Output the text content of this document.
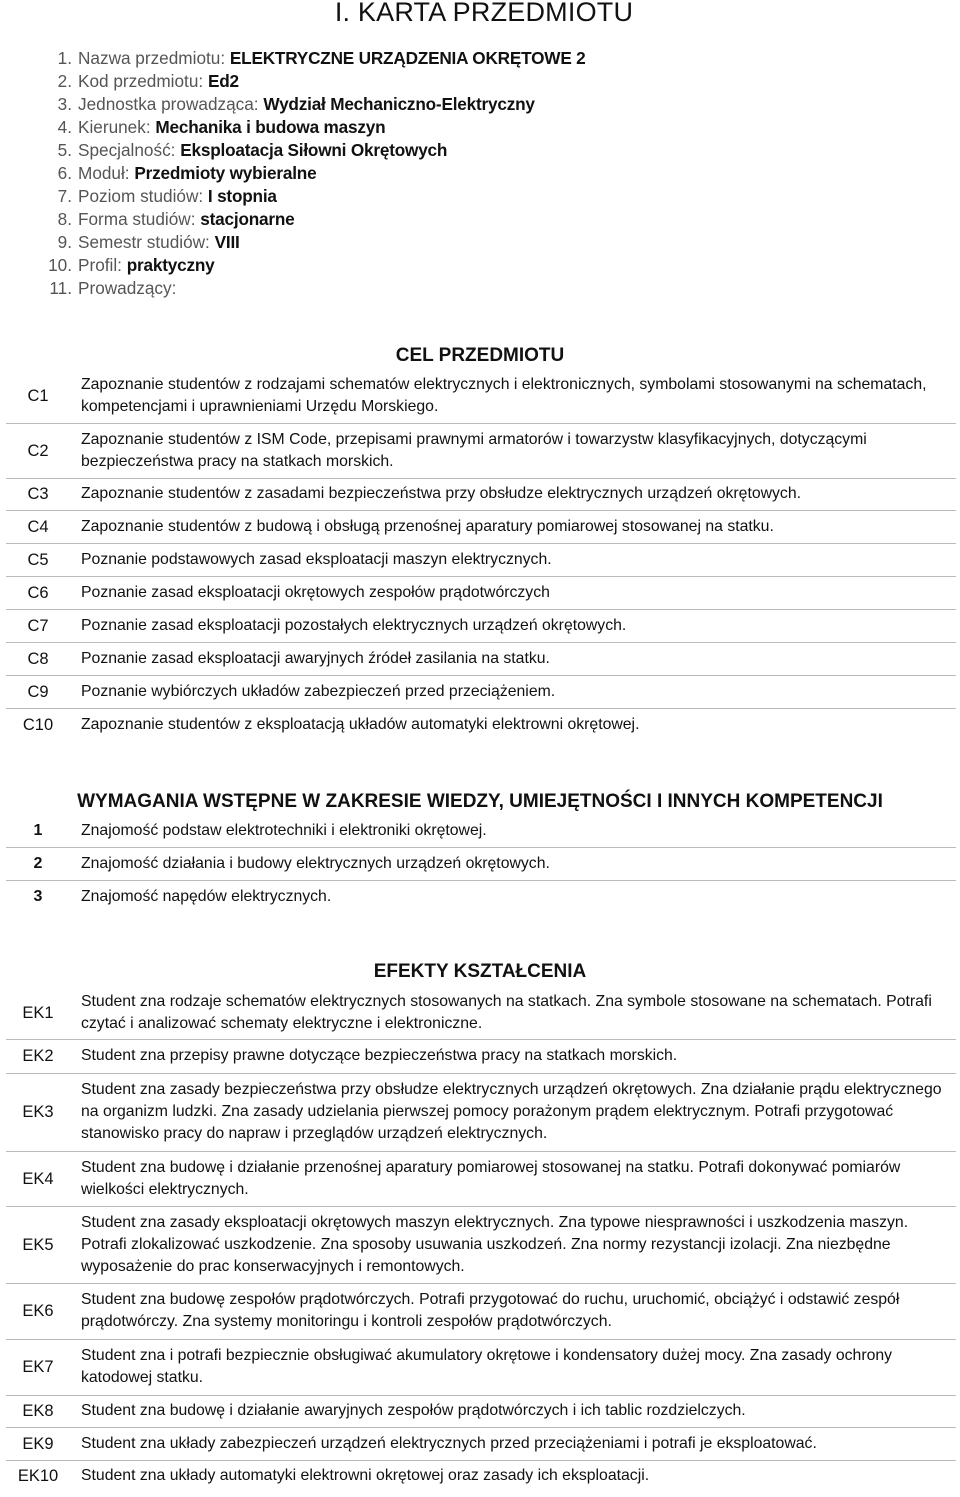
I. KARTA PRZEDMIOTU
1. Nazwa przedmiotu: ELEKTRYCZNE URZĄDZENIA OKRĘTOWE 2
2. Kod przedmiotu: Ed2
3. Jednostka prowadząca: Wydział Mechaniczno-Elektryczny
4. Kierunek: Mechanika i budowa maszyn
5. Specjalność: Eksploatacja Siłowni Okrętowych
6. Moduł: Przedmioty wybieralne
7. Poziom studiów: I stopnia
8. Forma studiów: stacjonarne
9. Semestr studiów: VIII
10. Profil: praktyczny
11. Prowadzący:
CEL PRZEDMIOTU
C1	Zapoznanie studentów z rodzajami schematów elektrycznych i elektronicznych, symbolami stosowanymi na schematach, kompetencjami i uprawnieniami Urzędu Morskiego.
C2	Zapoznanie studentów z ISM Code, przepisami prawnymi armatorów i towarzystw klasyfikacyjnych, dotyczącymi bezpieczeństwa pracy na statkach morskich.
C3	Zapoznanie studentów z zasadami bezpieczeństwa przy obsłudze elektrycznych urządzeń okrętowych.
C4	Zapoznanie studentów z budową i obsługą przenośnej aparatury pomiarowej stosowanej na statku.
C5	Poznanie podstawowych zasad eksploatacji maszyn elektrycznych.
C6	Poznanie zasad eksploatacji okrętowych zespołów prądotwórczych
C7	Poznanie zasad eksploatacji pozostałych elektrycznych urządzeń okrętowych.
C8	Poznanie zasad eksploatacji awaryjnych źródeł zasilania na statku.
C9	Poznanie wybiórczych układów zabezpieczeń przed przeciążeniem.
C10	Zapoznanie studentów z eksploatacją układów automatyki elektrowni okrętowej.
WYMAGANIA WSTĘPNE W ZAKRESIE WIEDZY, UMIEJĘTNOŚCI I INNYCH KOMPETENCJI
1	Znajomość podstaw elektrotechniki i elektroniki okrętowej.
2	Znajomość działania i budowy elektrycznych urządzeń okrętowych.
3	Znajomość napędów elektrycznych.
EFEKTY KSZTAŁCENIA
EK1	Student zna rodzaje schematów elektrycznych stosowanych na statkach. Zna symbole stosowane na schematach. Potrafi czytać i analizować schematy elektryczne i elektroniczne.
EK2	Student zna przepisy prawne dotyczące bezpieczeństwa pracy na statkach morskich.
EK3	Student zna zasady bezpieczeństwa przy obsłudze elektrycznych urządzeń okrętowych. Zna działanie prądu elektrycznego na organizm ludzki. Zna zasady udzielania pierwszej pomocy porażonym prądem elektrycznym. Potrafi przygotować stanowisko pracy do napraw i przeglądów urządzeń elektrycznych.
EK4	Student zna budowę i działanie przenośnej aparatury pomiarowej stosowanej na statku. Potrafi dokonywać pomiarów wielkości elektrycznych.
EK5	Student zna zasady eksploatacji okrętowych maszyn elektrycznych. Zna typowe niesprawności i uszkodzenia maszyn. Potrafi zlokalizować uszkodzenie. Zna sposoby usuwania uszkodzeń. Zna normy rezystancji izolacji. Zna niezbędne wyposażenie do prac konserwacyjnych i remontowych.
EK6	Student zna budowę zespołów prądotwórczych. Potrafi przygotować do ruchu, uruchomić, obciążyć i odstawić zespół prądotwórczy. Zna systemy monitoringu i kontroli zespołów prądotwórczych.
EK7	Student zna i potrafi bezpiecznie obsługiwać akumulatory okrętowe i kondensatory dużej mocy. Zna zasady ochrony katodowej statku.
EK8	Student zna budowę i działanie awaryjnych zespołów prądotwórczych i ich tablic rozdzielczych.
EK9	Student zna układy zabezpieczeń urządzeń elektrycznych przed przeciążeniami i potrafi je eksploatować.
EK10	Student zna układy automatyki elektrowni okrętowej oraz zasady ich eksploatacji.
